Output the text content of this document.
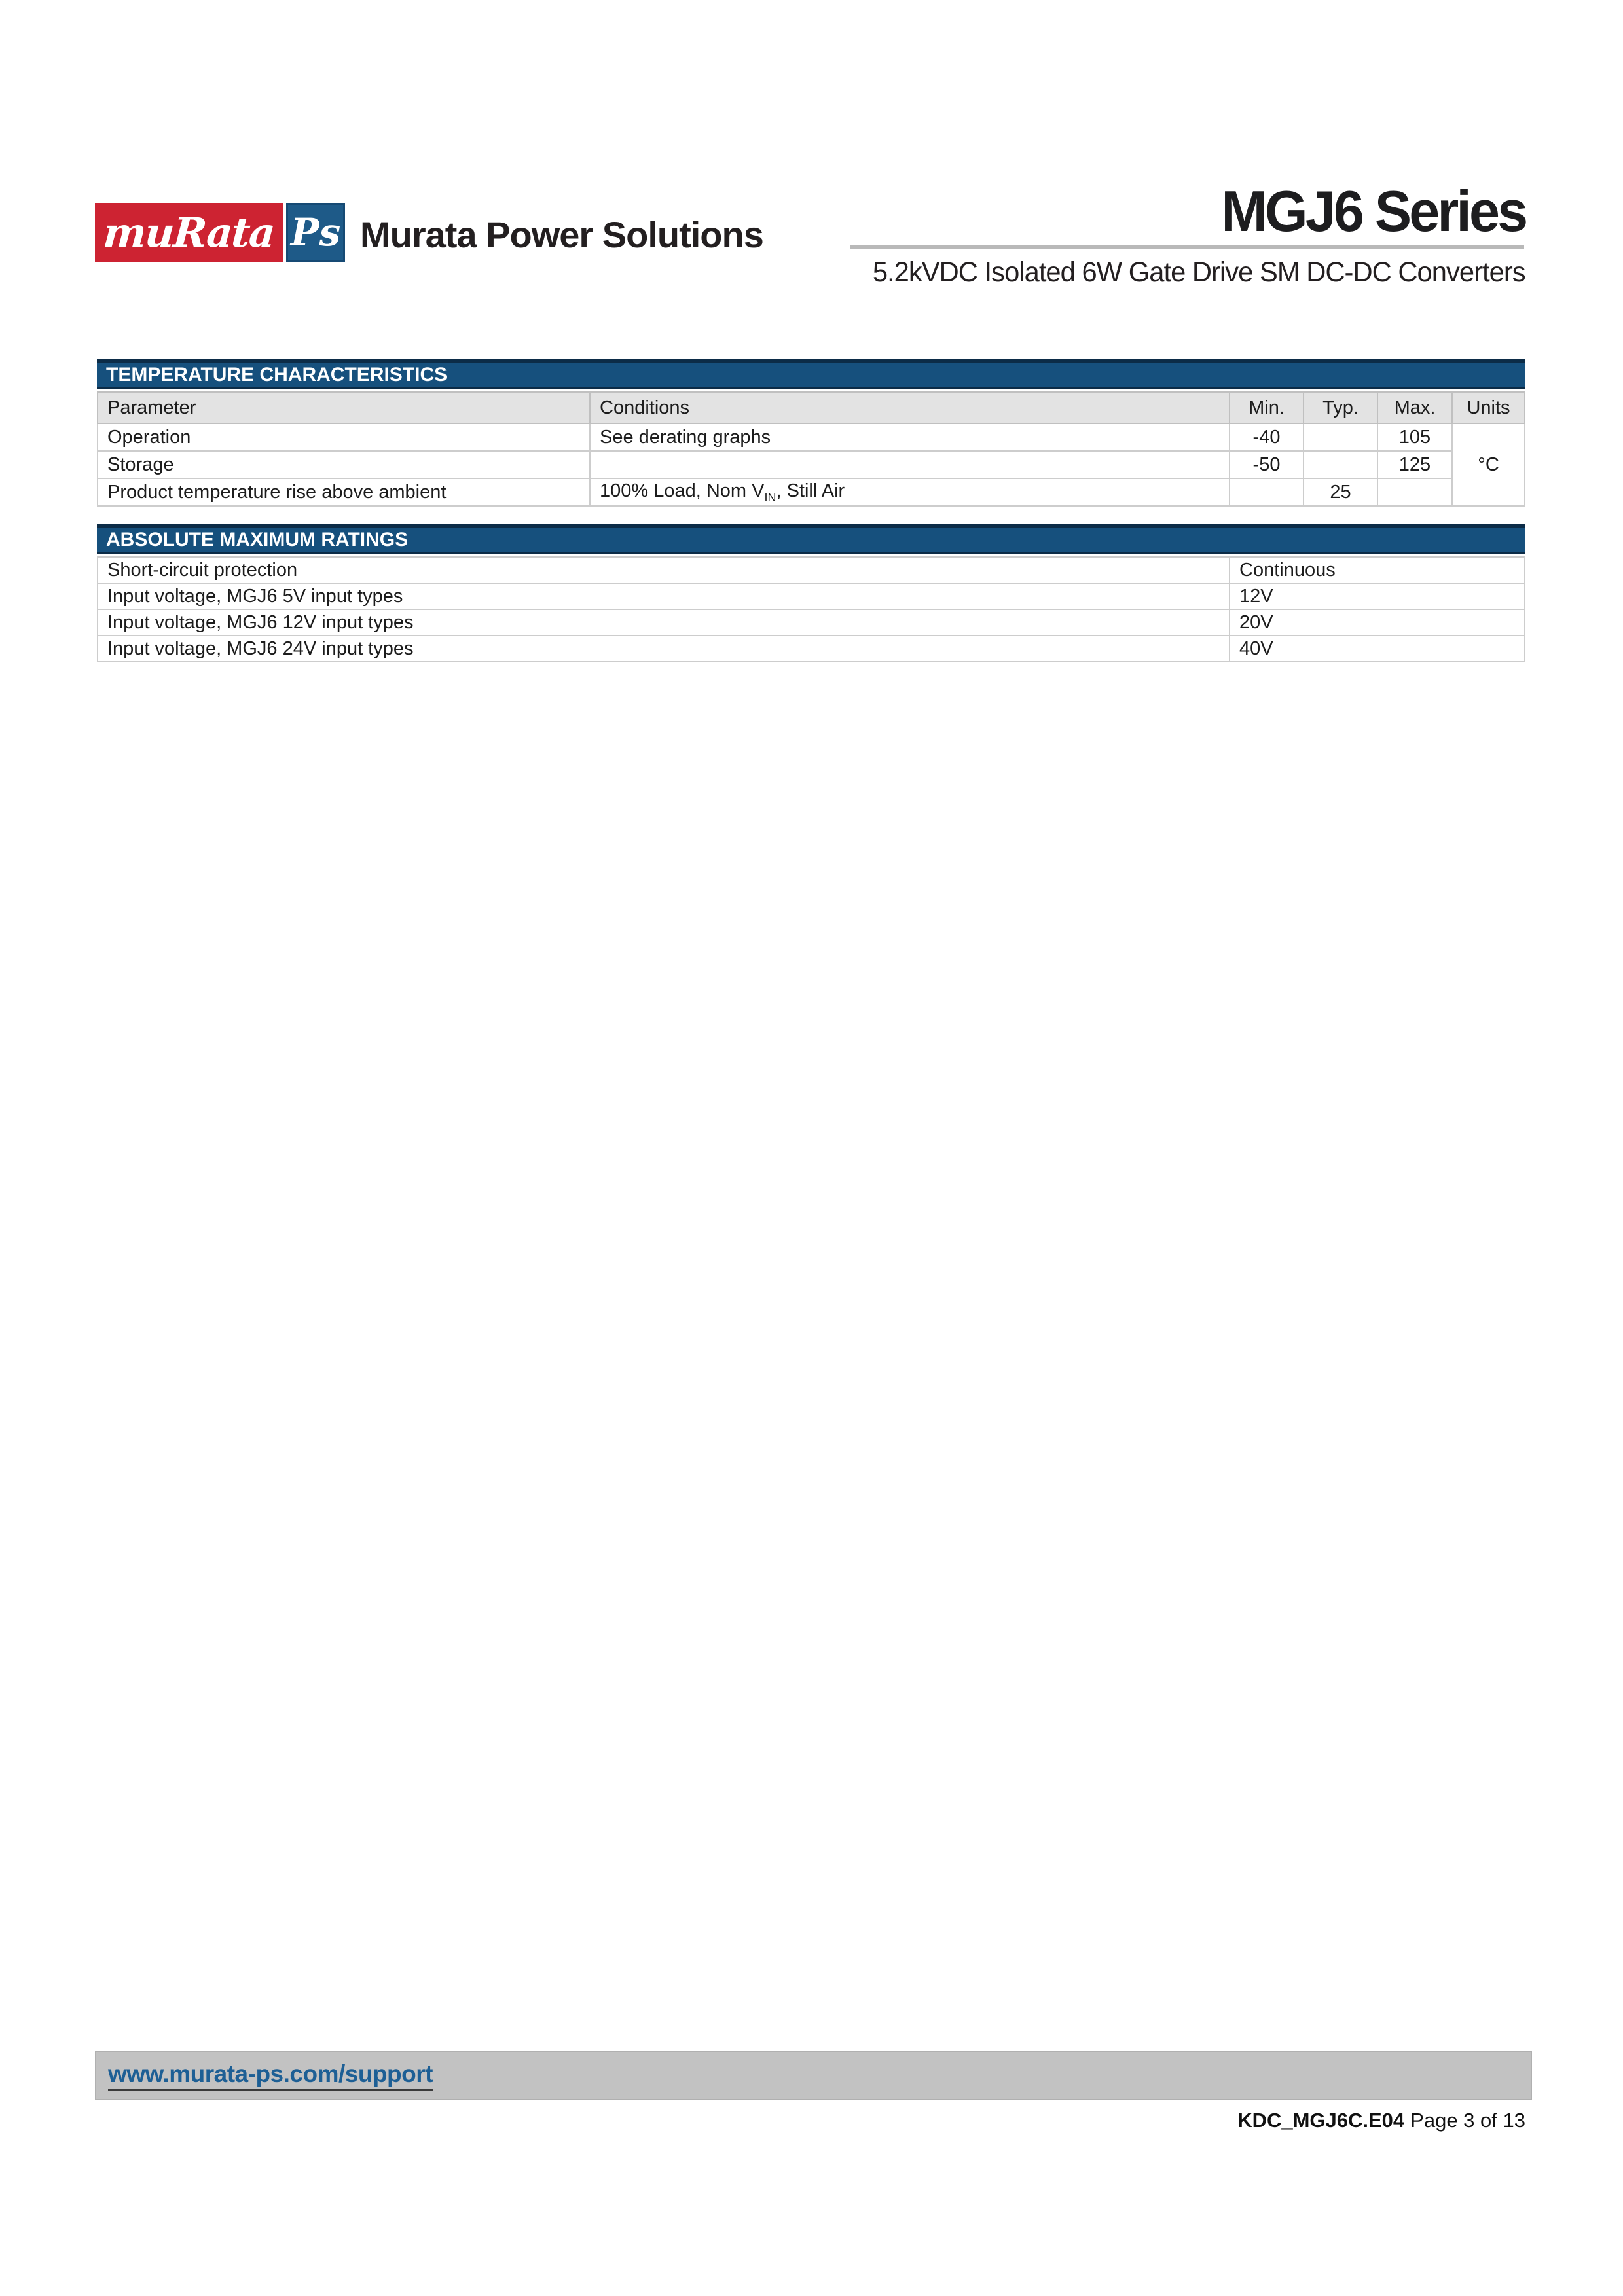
muRata Ps Murata Power Solutions	MGJ6 Series
5.2kVDC Isolated 6W Gate Drive SM DC-DC Converters
TEMPERATURE CHARACTERISTICS
Parameter	Conditions	Min.	Typ.	Max.	Units
Operation	See derating graphs	-40		105	°C
Storage		-50		125	
Product temperature rise above ambient	100% Load, Nom $V_{IN}$, Still Air		25		
ABSOLUTE MAXIMUM RATINGS
Short-circuit protection	Continuous
Input voltage, MGJ6 5V input types	12V
Input voltage, MGJ6 12V input types	20V
Input voltage, MGJ6 24V input types	40V
www.murata-ps.com/support
KDC_MGJ6C.E04 Page 3 of 13
